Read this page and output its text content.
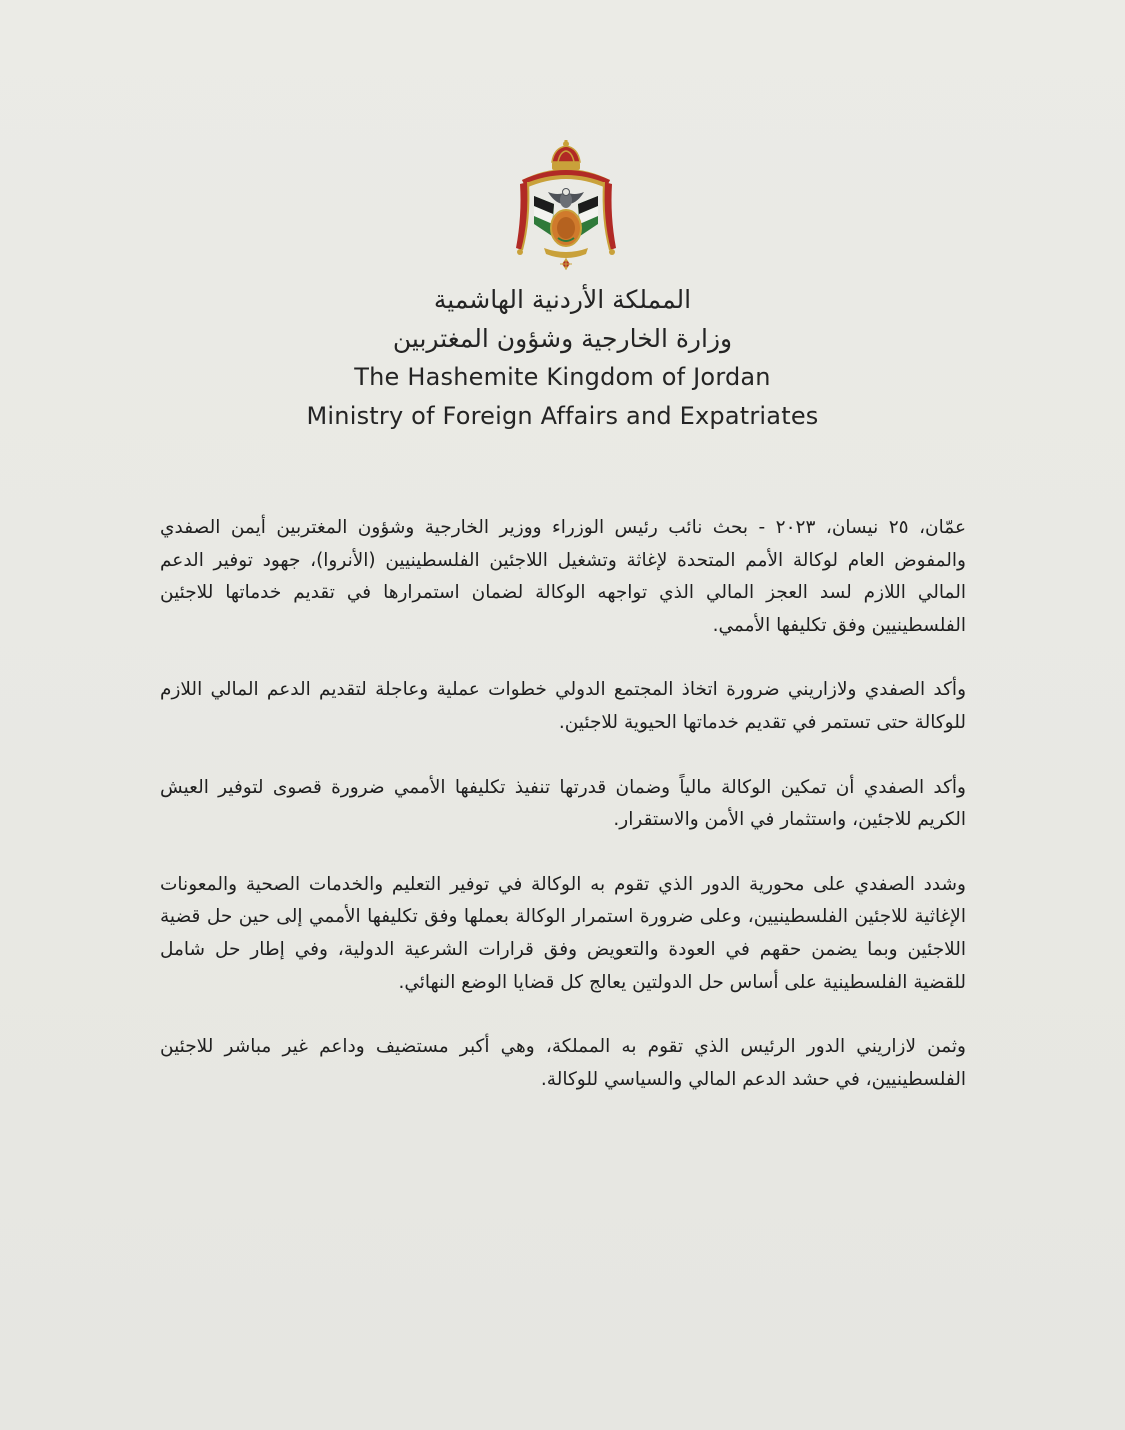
المملكة الأردنية الهاشمية
وزارة الخارجية وشؤون المغتربين
The Hashemite Kingdom of Jordan
Ministry of Foreign Affairs and Expatriates

عمّان، ٢٥ نيسان، ٢٠٢٣ - بحث نائب رئيس الوزراء ووزير الخارجية وشؤون المغتربين أيمن الصفدي والمفوض العام لوكالة الأمم المتحدة لإغاثة وتشغيل اللاجئين الفلسطينيين (الأنروا)، جهود توفير الدعم المالي اللازم لسد العجز المالي الذي تواجهه الوكالة لضمان استمرارها في تقديم خدماتها للاجئين الفلسطينيين وفق تكليفها الأممي.

وأكد الصفدي ولازاريني ضرورة اتخاذ المجتمع الدولي خطوات عملية وعاجلة لتقديم الدعم المالي اللازم للوكالة حتى تستمر في تقديم خدماتها الحيوية للاجئين.

وأكد الصفدي أن تمكين الوكالة مالياً وضمان قدرتها تنفيذ تكليفها الأممي ضرورة قصوى لتوفير العيش الكريم للاجئين، واستثمار في الأمن والاستقرار.

وشدد الصفدي على محورية الدور الذي تقوم به الوكالة في توفير التعليم والخدمات الصحية والمعونات الإغاثية للاجئين الفلسطينيين، وعلى ضرورة استمرار الوكالة بعملها وفق تكليفها الأممي إلى حين حل قضية اللاجئين وبما يضمن حقهم في العودة والتعويض وفق قرارات الشرعية الدولية، وفي إطار حل شامل للقضية الفلسطينية على أساس حل الدولتين يعالج كل قضايا الوضع النهائي.

وثمن لازاريني الدور الرئيس الذي تقوم به المملكة، وهي أكبر مستضيف وداعم غير مباشر للاجئين الفلسطينيين، في حشد الدعم المالي والسياسي للوكالة.
